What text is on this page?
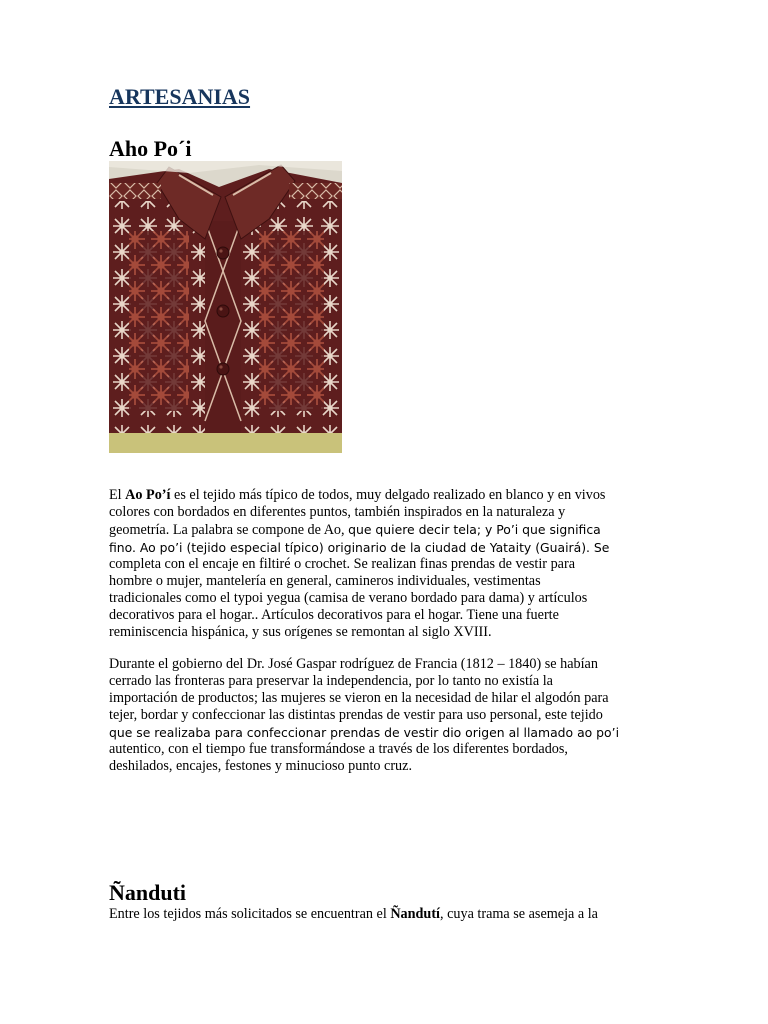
ARTESANIAS
Aho Po´i

El Ao Po’í es el tejido más típico de todos, muy delgado realizado en blanco y en vivos
colores con bordados en diferentes puntos, también inspirados en la naturaleza y
geometría. La palabra se compone de Ao, que quiere decir tela; y Po’i que significa
fino. Ao po’i (tejido especial típico) originario de la ciudad de Yataity (Guairá). Se
completa con el encaje en filtiré o crochet. Se realizan finas prendas de vestir para
hombre o mujer, mantelería en general, camineros individuales, vestimentas
tradicionales como el typoi yegua (camisa de verano bordado para dama) y artículos
decorativos para el hogar.. Artículos decorativos para el hogar. Tiene una fuerte
reminiscencia hispánica, y sus orígenes se remontan al siglo XVIII.

Durante el gobierno del Dr. José Gaspar rodríguez de Francia (1812 – 1840) se habían
cerrado las fronteras para preservar la independencia, por lo tanto no existía la
importación de productos; las mujeres se vieron en la necesidad de hilar el algodón para
tejer, bordar y confeccionar las distintas prendas de vestir para uso personal, este tejido
que se realizaba para confeccionar prendas de vestir dio origen al llamado ao po’i
autentico, con el tiempo fue transformándose a través de los diferentes bordados,
deshilados, encajes, festones y minucioso punto cruz.

Ñanduti

Entre los tejidos más solicitados se encuentran el Ñandutí, cuya trama se asemeja a la
